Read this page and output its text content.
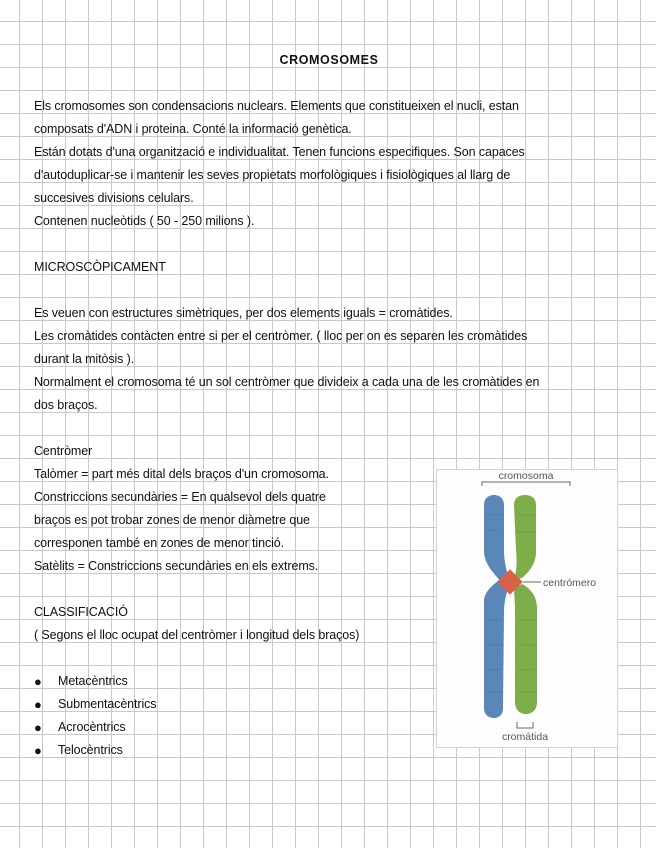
CROMOSOMES
Els cromosomes son condensacions nuclears. Elements que constitueixen el nucli, estan
composats d'ADN i proteina. Conté la informació genètica.
Están dotats d'una organització e individualitat. Tenen funcions especifiques. Son capaces
d'autoduplicar-se i mantenir les seves propietats morfològiques i fisiològiques al llarg de
succesives divisions celulars.
Contenen nucleòtids ( 50 - 250 milions ).
MICROSCÒPICAMENT
Es veuen con estructures simètriques, per dos elements iguals = cromàtides.
Les cromàtides contàcten entre si per el centròmer. ( lloc per on es separen les cromàtides
durant la mitòsis ).
Normalment el cromosoma té un sol centròmer que divideix a cada una de les cromàtides en
dos braços.
Centròmer
Talòmer = part més dital dels braços d'un cromosoma.
Constriccions secundàries = En qualsevol dels quatre
braços es pot trobar zones de menor diàmetre que
corresponen també en zones de menor tinció.
Satèlits = Constriccions secundàries en els extrems.
CLASSIFICACIÓ
( Segons el lloc ocupat del centròmer i longitud dels braços)
●	Metacèntrics
●	Submentacèntrics
●	Acrocèntrics
●	Telocèntrics
cromosoma
centrómero
cromátida
